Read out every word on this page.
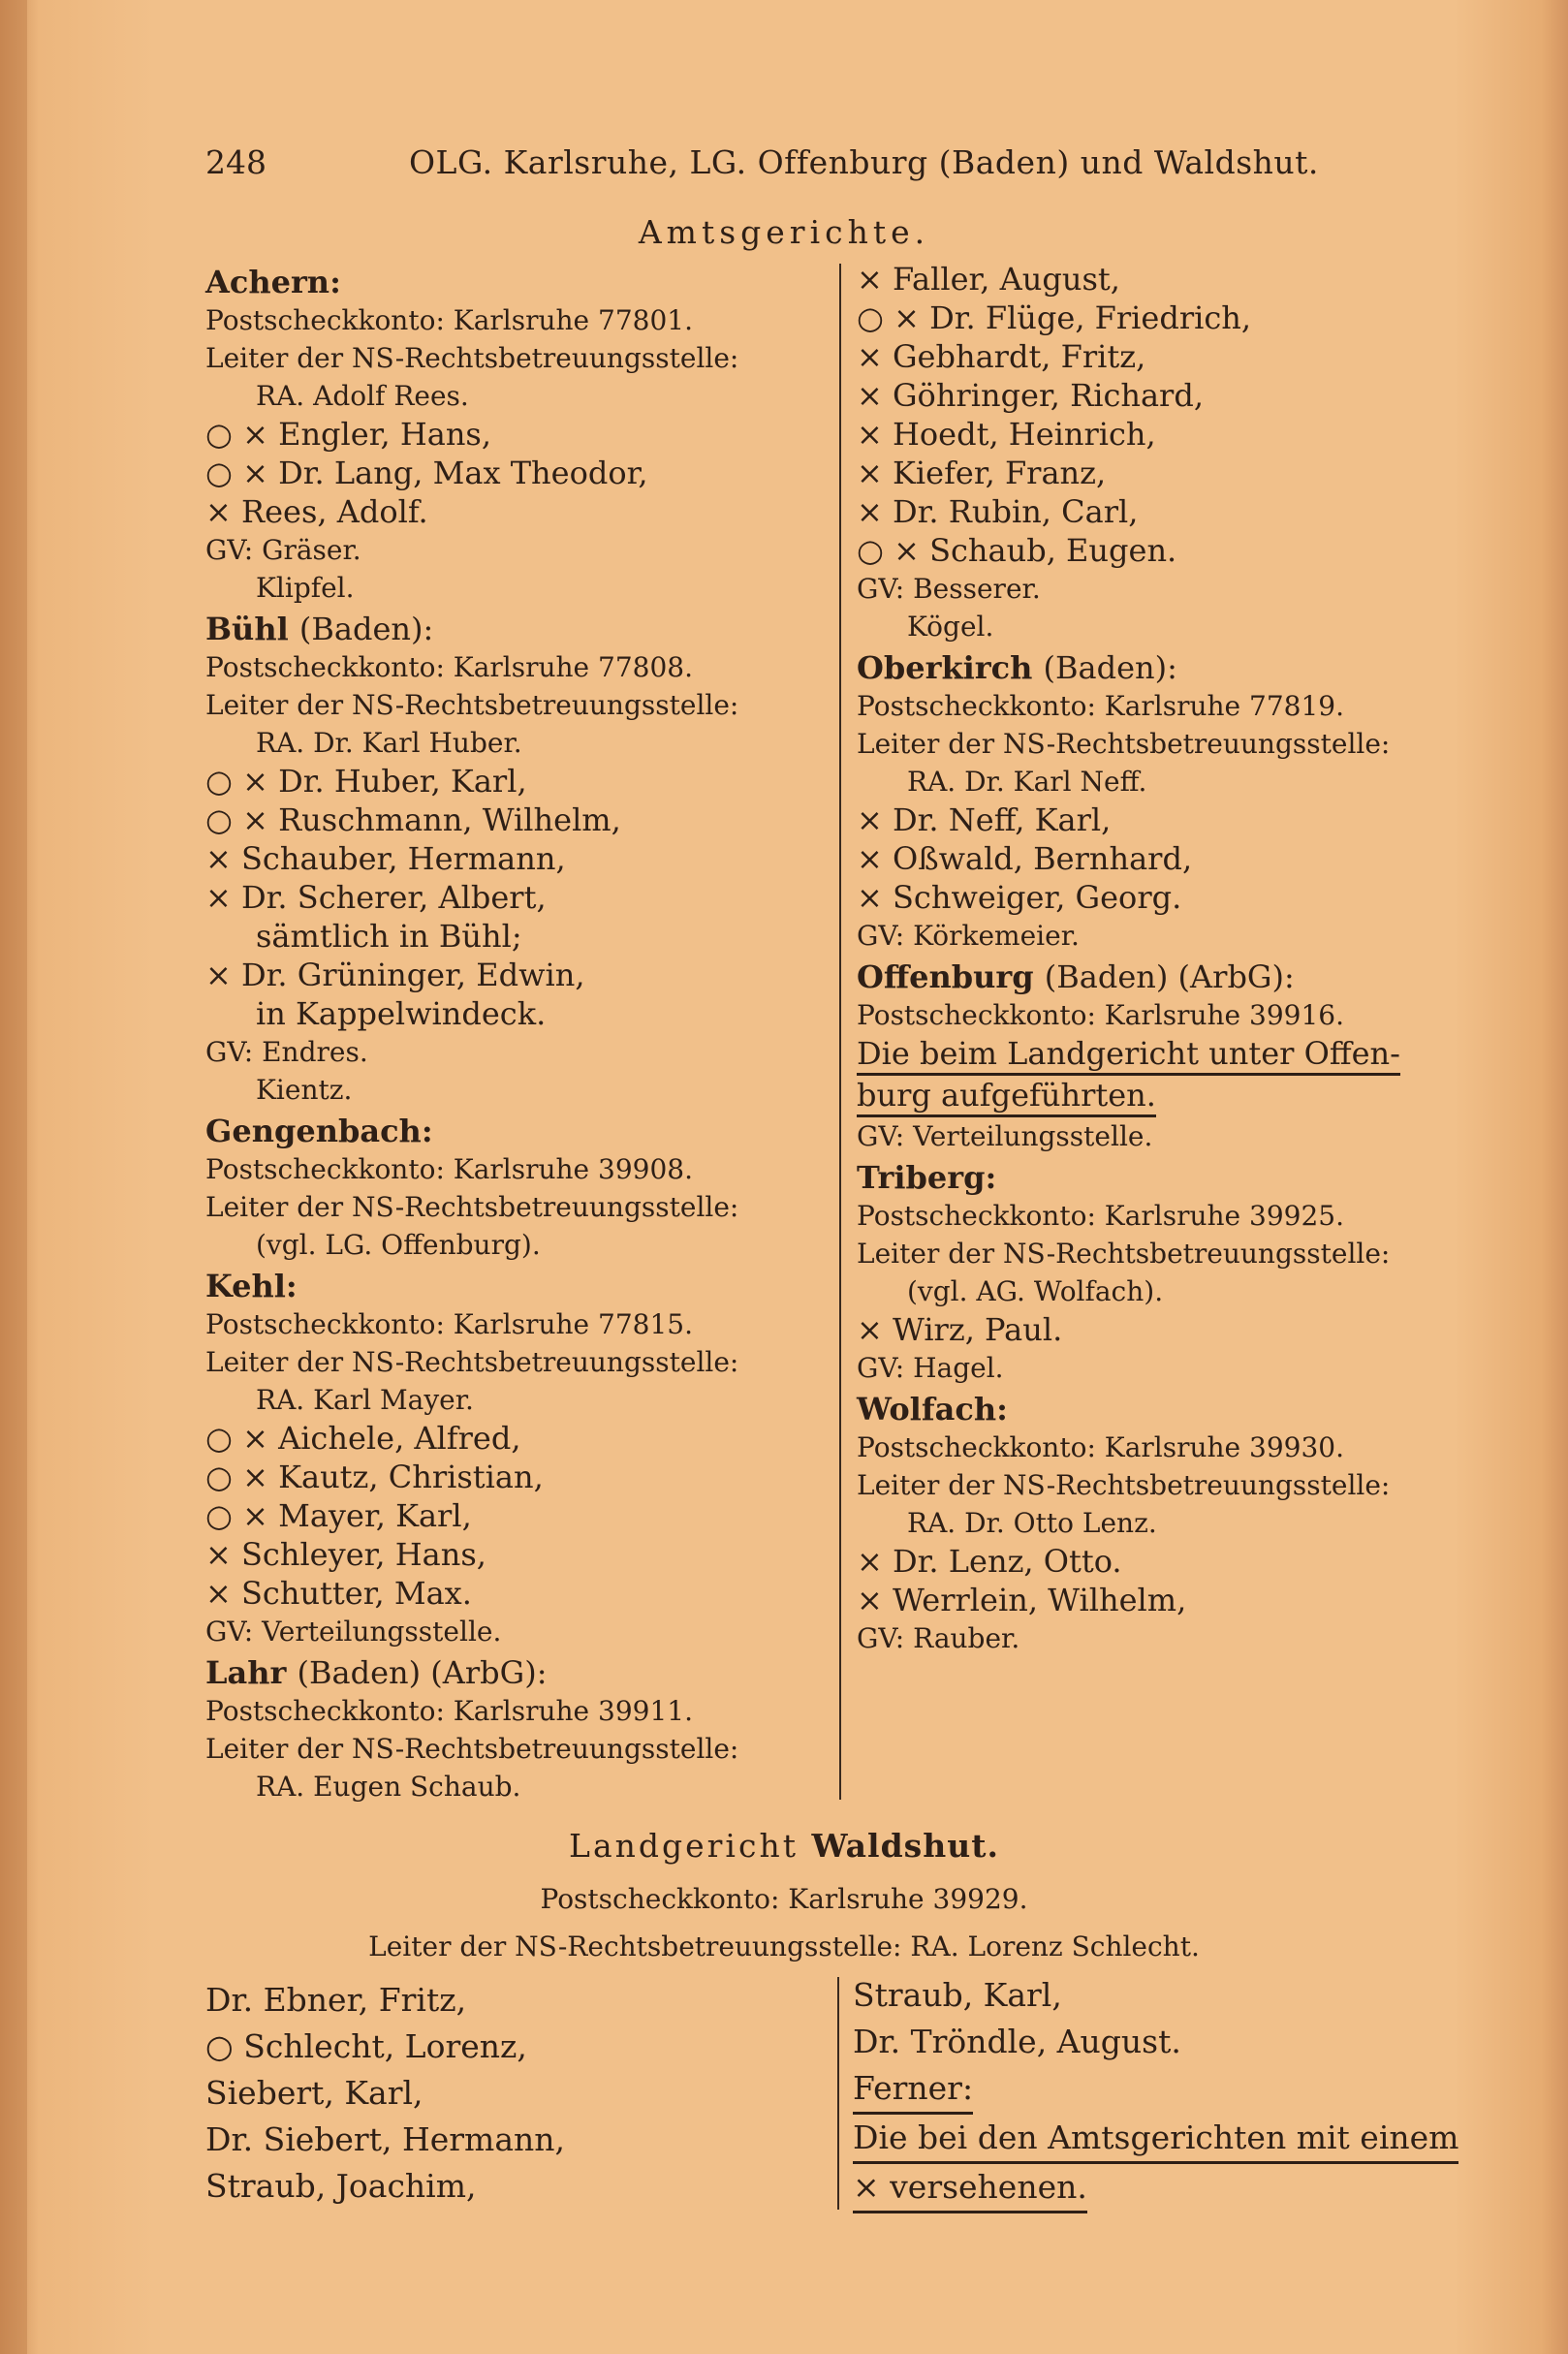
248	OLG. Karlsruhe, LG. Offenburg (Baden) und Waldshut.
Amtsgerichte.
Achern:
Postscheckkonto: Karlsruhe 77801.
Leiter der NS-Rechtsbetreuungsstelle:
RA. Adolf Rees.
○ × Engler, Hans,
○ × Dr. Lang, Max Theodor,
× Rees, Adolf.
GV: Gräser.
Klipfel.
Bühl (Baden):
Postscheckkonto: Karlsruhe 77808.
Leiter der NS-Rechtsbetreuungsstelle:
RA. Dr. Karl Huber.
○ × Dr. Huber, Karl,
○ × Ruschmann, Wilhelm,
× Schauber, Hermann,
× Dr. Scherer, Albert,
sämtlich in Bühl;
× Dr. Grüninger, Edwin,
in Kappelwindeck.
GV: Endres.
Kientz.
Gengenbach:
Postscheckkonto: Karlsruhe 39908.
Leiter der NS-Rechtsbetreuungsstelle:
(vgl. LG. Offenburg).
Kehl:
Postscheckkonto: Karlsruhe 77815.
Leiter der NS-Rechtsbetreuungsstelle:
RA. Karl Mayer.
○ × Aichele, Alfred,
○ × Kautz, Christian,
○ × Mayer, Karl,
× Schleyer, Hans,
× Schutter, Max.
GV: Verteilungsstelle.
Lahr (Baden) (ArbG):
Postscheckkonto: Karlsruhe 39911.
Leiter der NS-Rechtsbetreuungsstelle:
RA. Eugen Schaub.
× Faller, August,
○ × Dr. Flüge, Friedrich,
× Gebhardt, Fritz,
× Göhringer, Richard,
× Hoedt, Heinrich,
× Kiefer, Franz,
× Dr. Rubin, Carl,
○ × Schaub, Eugen.
GV: Besserer.
Kögel.
Oberkirch (Baden):
Postscheckkonto: Karlsruhe 77819.
Leiter der NS-Rechtsbetreuungsstelle:
RA. Dr. Karl Neff.
× Dr. Neff, Karl,
× Oßwald, Bernhard,
× Schweiger, Georg.
GV: Körkemeier.
Offenburg (Baden) (ArbG):
Postscheckkonto: Karlsruhe 39916.
Die beim Landgericht unter Offen-
burg aufgeführten.
GV: Verteilungsstelle.
Triberg:
Postscheckkonto: Karlsruhe 39925.
Leiter der NS-Rechtsbetreuungsstelle:
(vgl. AG. Wolfach).
× Wirz, Paul.
GV: Hagel.
Wolfach:
Postscheckkonto: Karlsruhe 39930.
Leiter der NS-Rechtsbetreuungsstelle:
RA. Dr. Otto Lenz.
× Dr. Lenz, Otto.
× Werrlein, Wilhelm,
GV: Rauber.
Landgericht Waldshut.
Postscheckkonto: Karlsruhe 39929.
Leiter der NS-Rechtsbetreuungsstelle: RA. Lorenz Schlecht.
Dr. Ebner, Fritz,
○ Schlecht, Lorenz,
Siebert, Karl,
Dr. Siebert, Hermann,
Straub, Joachim,
Straub, Karl,
Dr. Tröndle, August.
Ferner:
Die bei den Amtsgerichten mit einem
× versehenen.
